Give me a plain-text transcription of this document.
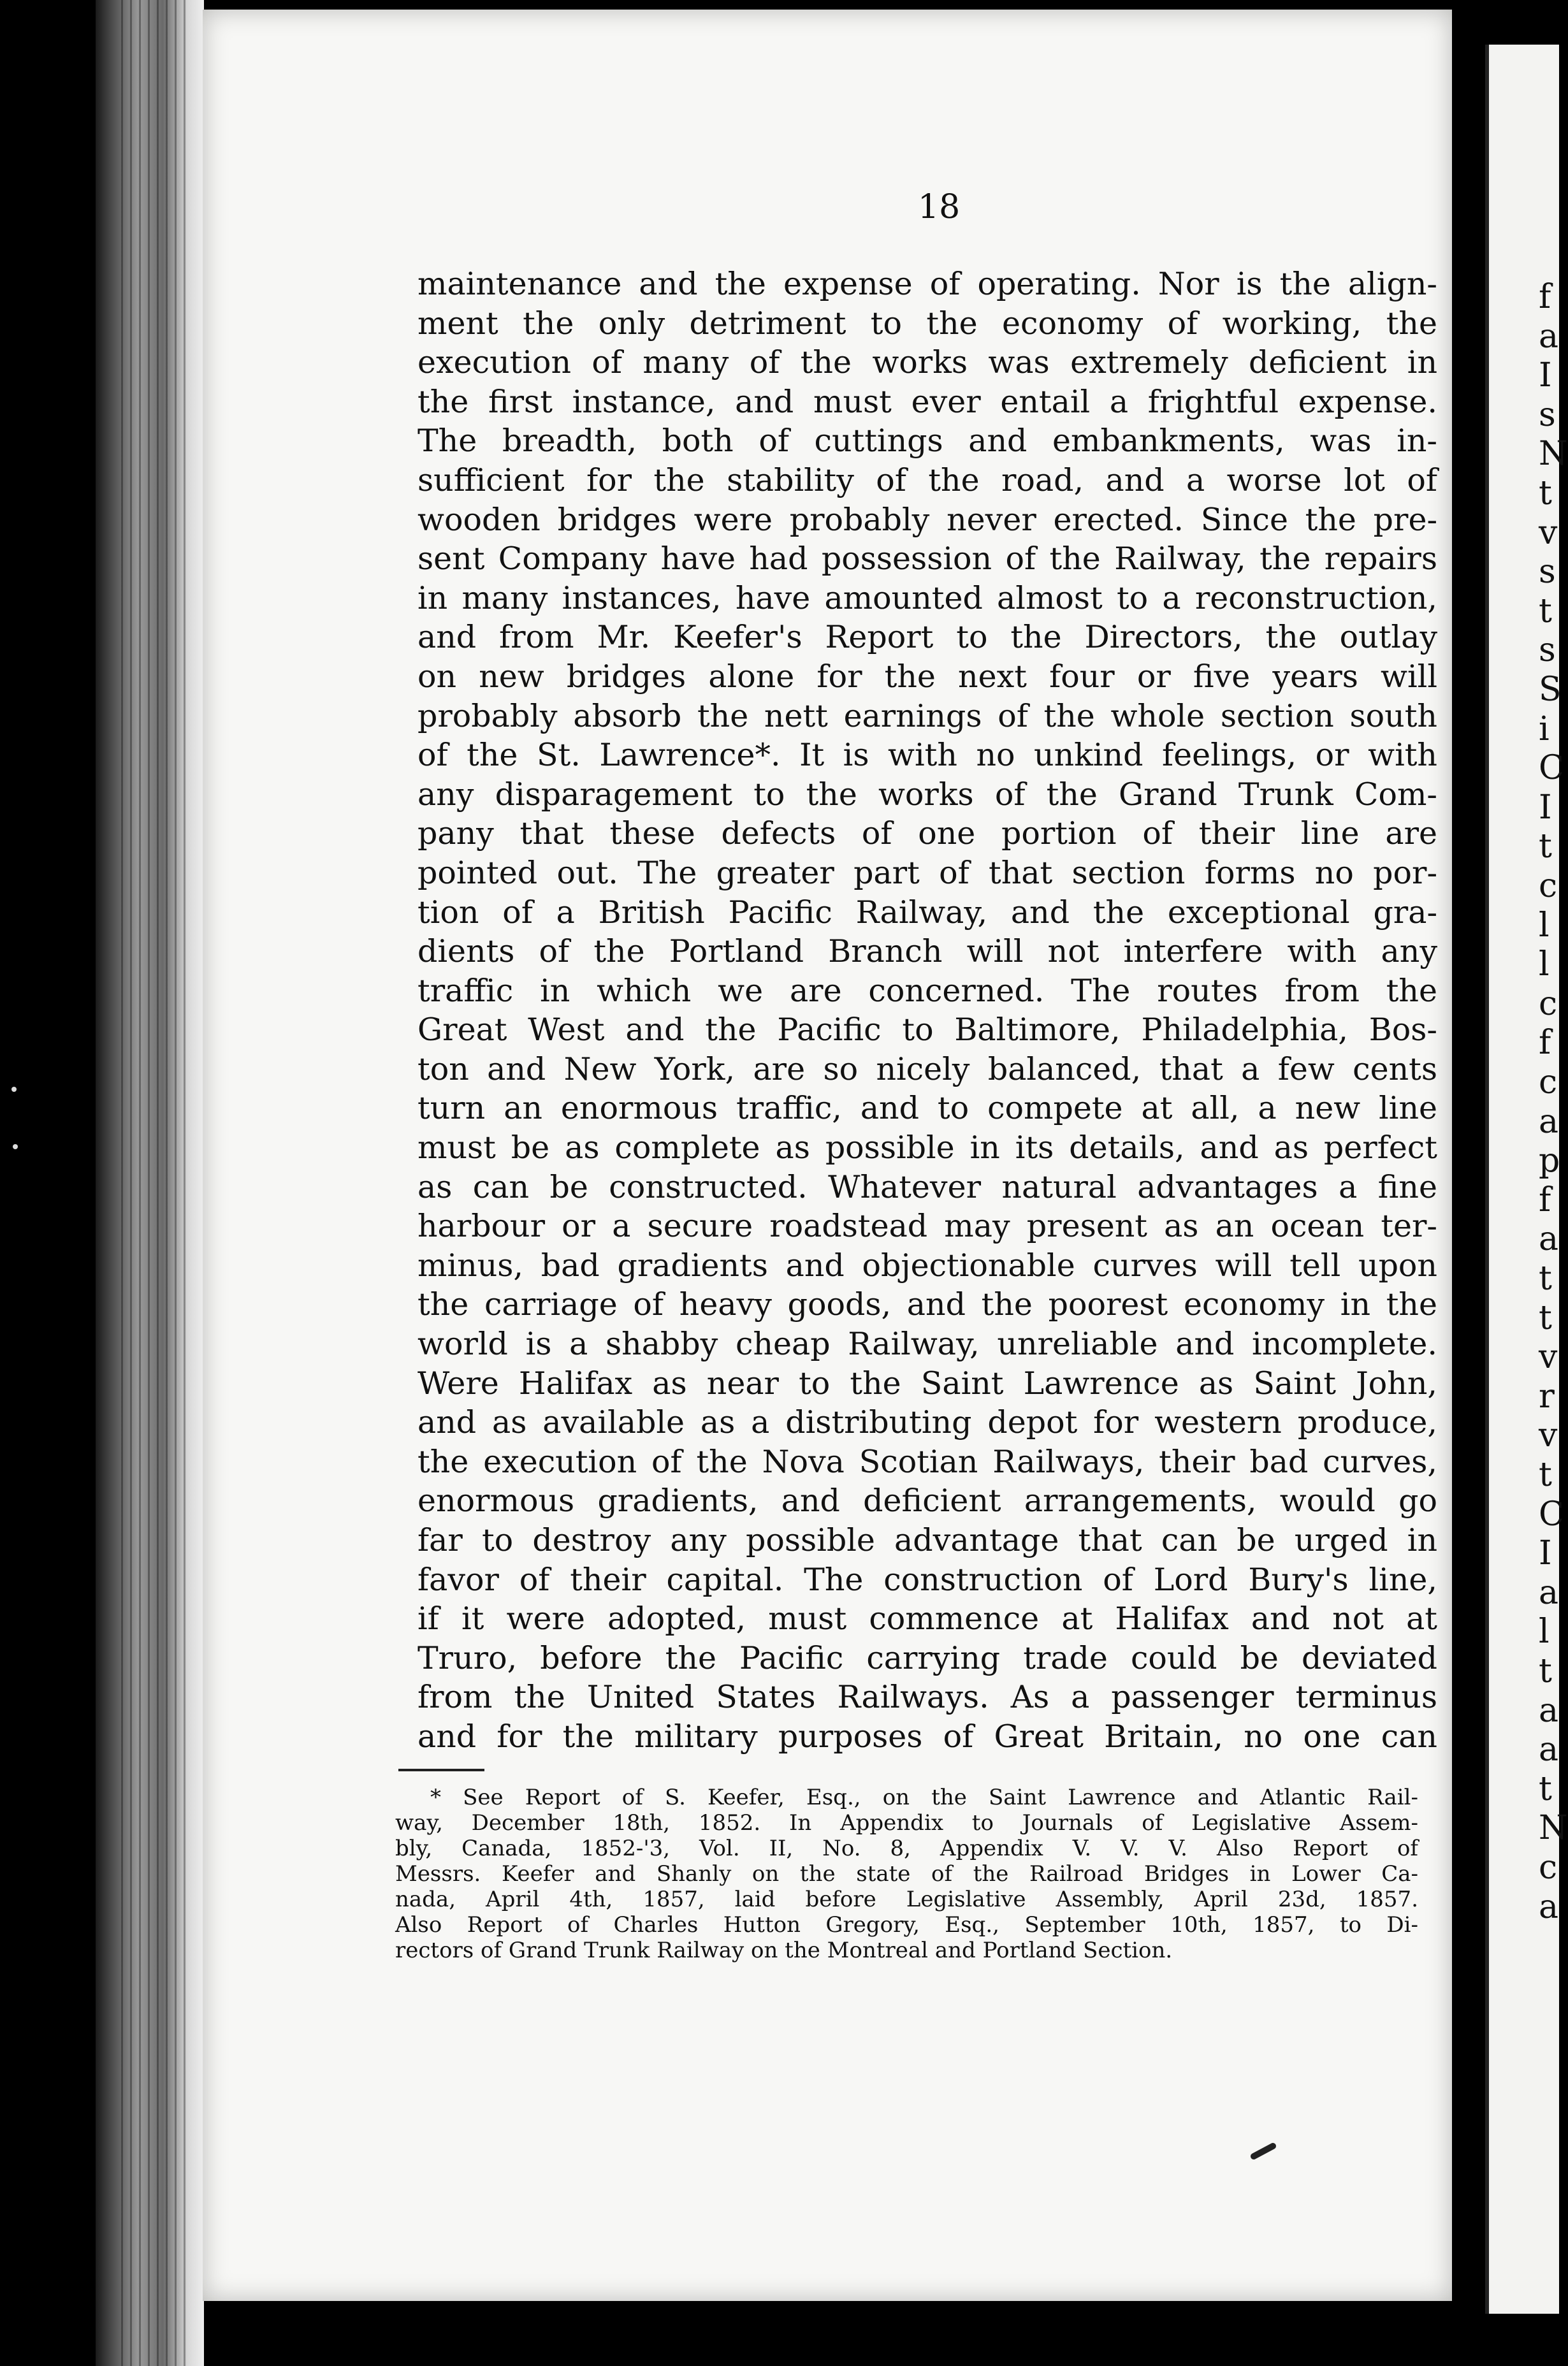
f
a
I
s
N
t
v
s
t
s
S
i
C
I
t
c
l
l
c
f
c
a
p
f
a
t
t
v
r
v
t
C
I
a
l
t
a
a
t
N
c
a
18
maintenance and the expense of operating. Nor is the align-
ment the only detriment to the economy of working, the
execution of many of the works was extremely deficient in
the first instance, and must ever entail a frightful expense.
The breadth, both of cuttings and embankments, was in-
sufficient for the stability of the road, and a worse lot of
wooden bridges were probably never erected. Since the pre-
sent Company have had possession of the Railway, the repairs
in many instances, have amounted almost to a reconstruction,
and from Mr. Keefer's Report to the Directors, the outlay
on new bridges alone for the next four or five years will
probably absorb the nett earnings of the whole section south
of the St. Lawrence*. It is with no unkind feelings, or with
any disparagement to the works of the Grand Trunk Com-
pany that these defects of one portion of their line are
pointed out. The greater part of that section forms no por-
tion of a British Pacific Railway, and the exceptional gra-
dients of the Portland Branch will not interfere with any
traffic in which we are concerned. The routes from the
Great West and the Pacific to Baltimore, Philadelphia, Bos-
ton and New York, are so nicely balanced, that a few cents
turn an enormous traffic, and to compete at all, a new line
must be as complete as possible in its details, and as perfect
as can be constructed. Whatever natural advantages a fine
harbour or a secure roadstead may present as an ocean ter-
minus, bad gradients and objectionable curves will tell upon
the carriage of heavy goods, and the poorest economy in the
world is a shabby cheap Railway, unreliable and incomplete.
Were Halifax as near to the Saint Lawrence as Saint John,
and as available as a distributing depot for western produce,
the execution of the Nova Scotian Railways, their bad curves,
enormous gradients, and deficient arrangements, would go
far to destroy any possible advantage that can be urged in
favor of their capital. The construction of Lord Bury's line,
if it were adopted, must commence at Halifax and not at
Truro, before the Pacific carrying trade could be deviated
from the United States Railways. As a passenger terminus
and for the military purposes of Great Britain, no one can
* See Report of S. Keefer, Esq., on the Saint Lawrence and Atlantic Rail-
way, December 18th, 1852. In Appendix to Journals of Legislative Assem-
bly, Canada, 1852-'3, Vol. II, No. 8, Appendix V. V. V. Also Report of
Messrs. Keefer and Shanly on the state of the Railroad Bridges in Lower Ca-
nada, April 4th, 1857, laid before Legislative Assembly, April 23d, 1857.
Also Report of Charles Hutton Gregory, Esq., September 10th, 1857, to Di-
rectors of Grand Trunk Railway on the Montreal and Portland Section.
